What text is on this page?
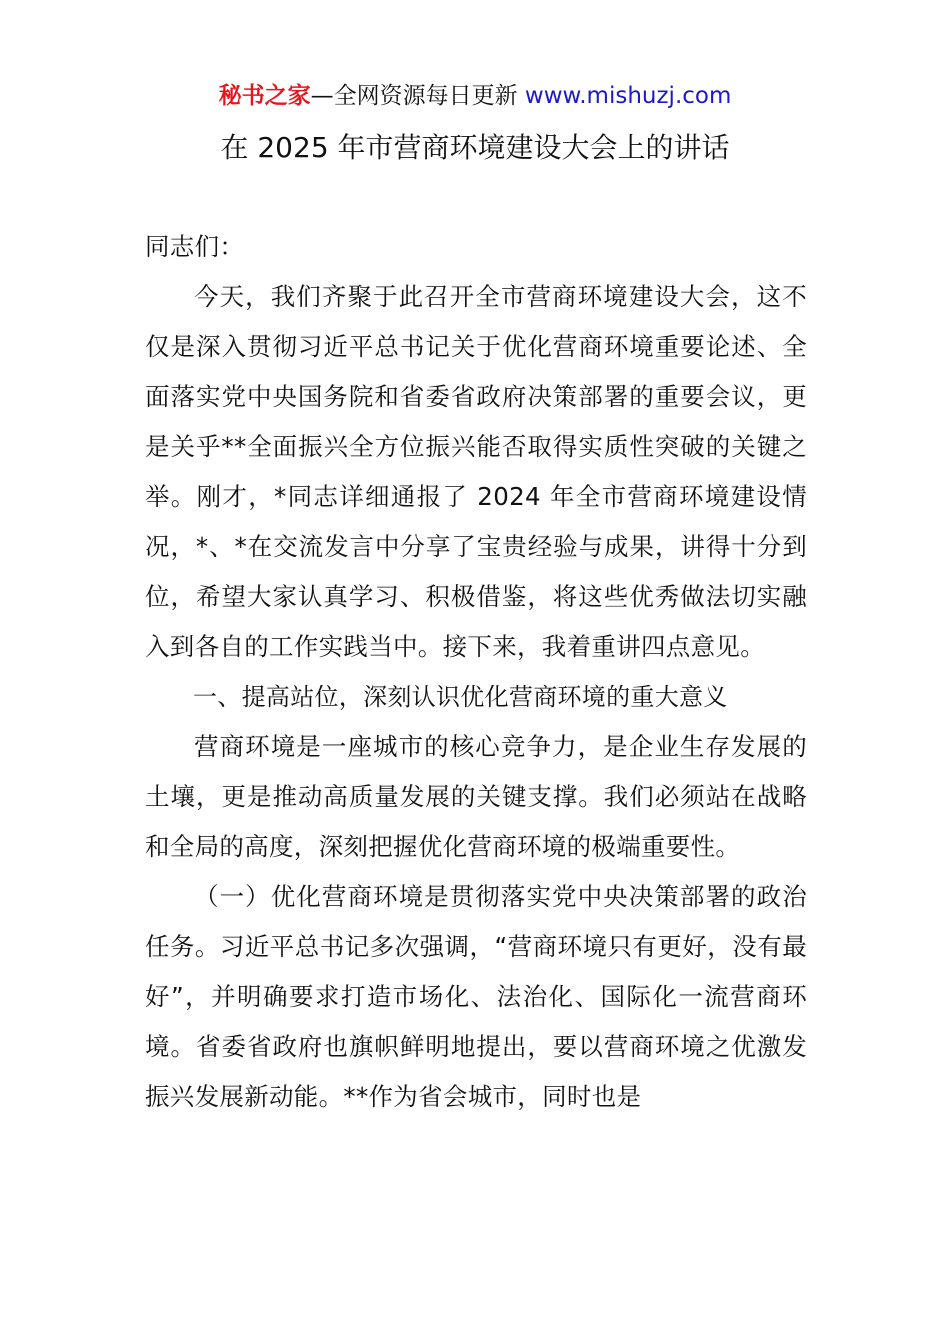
秘书之家—全网资源每日更新 www.mishuzj.com
在 2025 年市营商环境建设大会上的讲话

同志们：

今天，我们齐聚于此召开全市营商环境建设大会，这不仅是深入贯彻习近平总书记关于优化营商环境重要论述、全面落实党中央国务院和省委省政府决策部署的重要会议，更是关乎**全面振兴全方位振兴能否取得实质性突破的关键之举。刚才，*同志详细通报了 2024 年全市营商环境建设情况，*、*在交流发言中分享了宝贵经验与成果，讲得十分到位，希望大家认真学习、积极借鉴，将这些优秀做法切实融入到各自的工作实践当中。接下来，我着重讲四点意见。

一、提高站位，深刻认识优化营商环境的重大意义

营商环境是一座城市的核心竞争力，是企业生存发展的土壤，更是推动高质量发展的关键支撑。我们必须站在战略和全局的高度，深刻把握优化营商环境的极端重要性。

（一）优化营商环境是贯彻落实党中央决策部署的政治任务。习近平总书记多次强调，“营商环境只有更好，没有最好”，并明确要求打造市场化、法治化、国际化一流营商环境。省委省政府也旗帜鲜明地提出，要以营商环境之优激发振兴发展新动能。**作为省会城市，同时也是
